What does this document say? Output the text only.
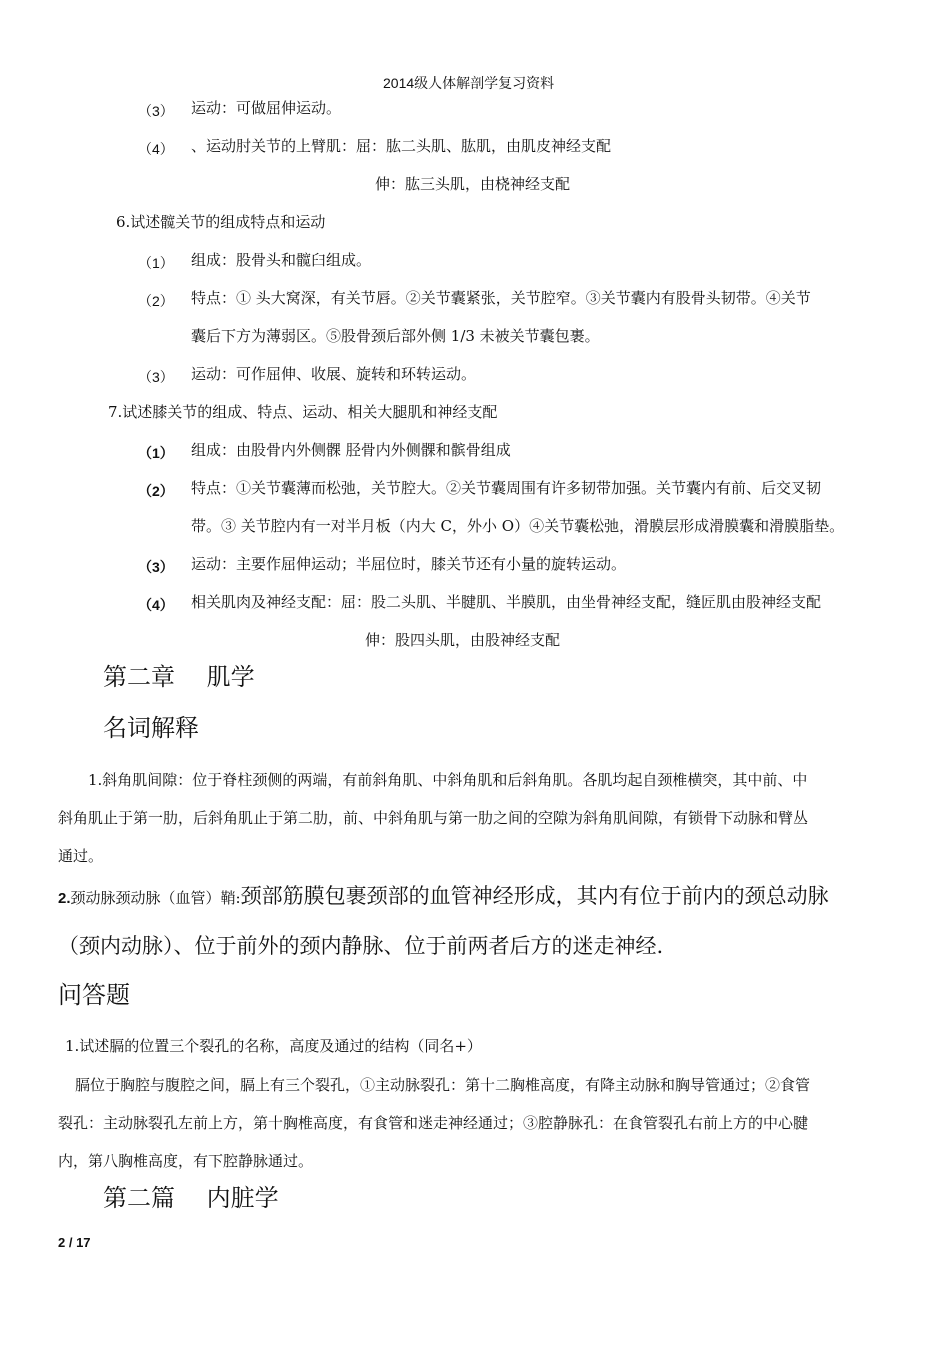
2014级人体解剖学复习资料
（3） 运动：可做屈伸运动。
（4） 、运动肘关节的上臂肌：屈：肱二头肌、肱肌，由肌皮神经支配
伸：肱三头肌，由桡神经支配
6.试述髋关节的组成特点和运动
（1） 组成：股骨头和髋臼组成。
（2） 特点：① 头大窝深，有关节唇。②关节囊紧张，关节腔窄。③关节囊内有股骨头韧带。④关节
囊后下方为薄弱区。⑤股骨颈后部外侧 1/3 未被关节囊包裹。
（3） 运动：可作屈伸、收展、旋转和环转运动。
7.试述膝关节的组成、特点、运动、相关大腿肌和神经支配
（1） 组成：由股骨内外侧髁 胫骨内外侧髁和髌骨组成
（2） 特点：①关节囊薄而松弛，关节腔大。②关节囊周围有许多韧带加强。关节囊内有前、后交叉韧
带。③ 关节腔内有一对半月板（内大 C，外小 O）④关节囊松弛，滑膜层形成滑膜囊和滑膜脂垫。
（3） 运动：主要作屈伸运动；半屈位时，膝关节还有小量的旋转运动。
（4） 相关肌肉及神经支配：屈：股二头肌、半腱肌、半膜肌，由坐骨神经支配，缝匠肌由股神经支配
伸：股四头肌，由股神经支配
第二章　 肌学
名词解释
1.斜角肌间隙：位于脊柱颈侧的两端，有前斜角肌、中斜角肌和后斜角肌。各肌均起自颈椎横突，其中前、中
斜角肌止于第一肋，后斜角肌止于第二肋，前、中斜角肌与第一肋之间的空隙为斜角肌间隙，有锁骨下动脉和臂丛
通过。
2.颈动脉颈动脉（血管）鞘:颈部筋膜包裹颈部的血管神经形成，其内有位于前内的颈总动脉
（颈内动脉）、位于前外的颈内静脉、位于前两者后方的迷走神经.
问答题
1.试述膈的位置三个裂孔的名称，高度及通过的结构（同名+）
膈位于胸腔与腹腔之间，膈上有三个裂孔，①主动脉裂孔：第十二胸椎高度，有降主动脉和胸导管通过；②食管
裂孔：主动脉裂孔左前上方，第十胸椎高度，有食管和迷走神经通过；③腔静脉孔：在食管裂孔右前上方的中心腱
内，第八胸椎高度，有下腔静脉通过。
第二篇　 内脏学
2 / 17
